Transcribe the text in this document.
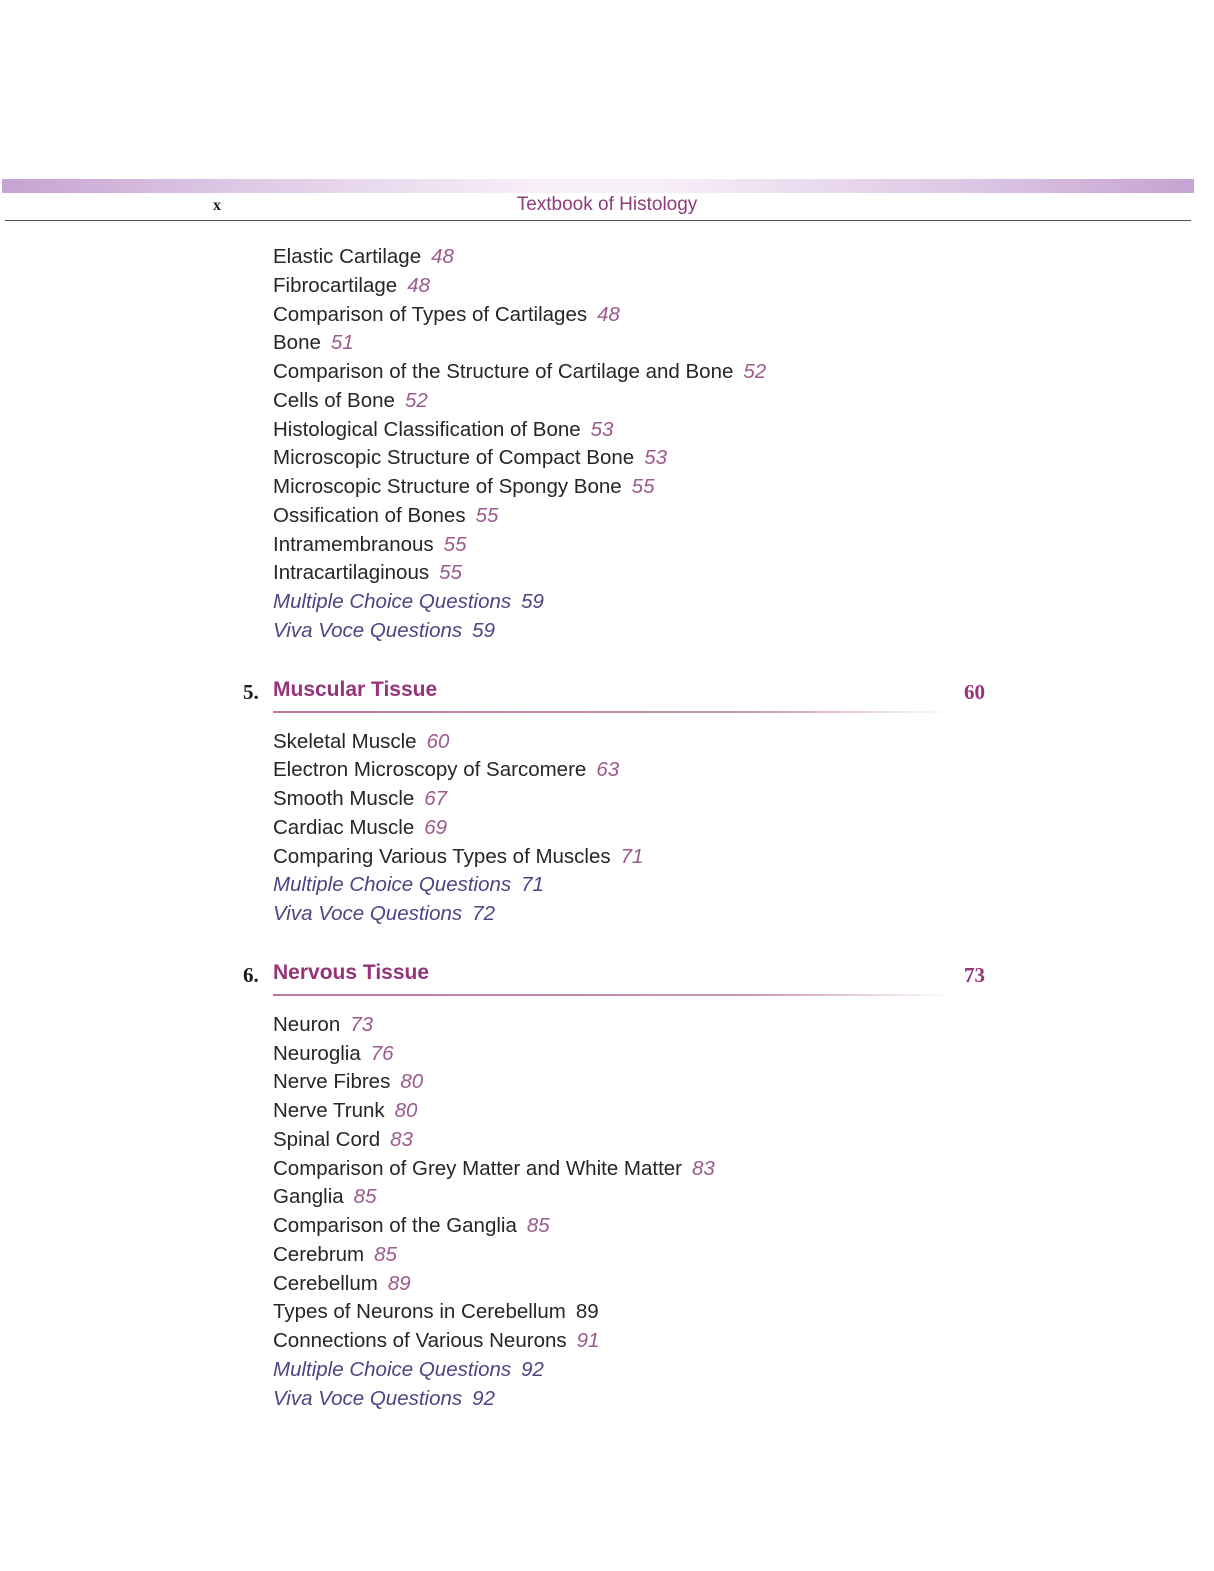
x	Textbook of Histology
Elastic Cartilage 48
Fibrocartilage 48
Comparison of Types of Cartilages 48
Bone 51
Comparison of the Structure of Cartilage and Bone 52
Cells of Bone 52
Histological Classification of Bone 53
Microscopic Structure of Compact Bone 53
Microscopic Structure of Spongy Bone 55
Ossification of Bones 55
Intramembranous 55
Intracartilaginous 55
Multiple Choice Questions 59
Viva Voce Questions 59
5. Muscular Tissue	60
Skeletal Muscle 60
Electron Microscopy of Sarcomere 63
Smooth Muscle 67
Cardiac Muscle 69
Comparing Various Types of Muscles 71
Multiple Choice Questions 71
Viva Voce Questions 72
6. Nervous Tissue	73
Neuron 73
Neuroglia 76
Nerve Fibres 80
Nerve Trunk 80
Spinal Cord 83
Comparison of Grey Matter and White Matter 83
Ganglia 85
Comparison of the Ganglia 85
Cerebrum 85
Cerebellum 89
Types of Neurons in Cerebellum 89
Connections of Various Neurons 91
Multiple Choice Questions 92
Viva Voce Questions 92
